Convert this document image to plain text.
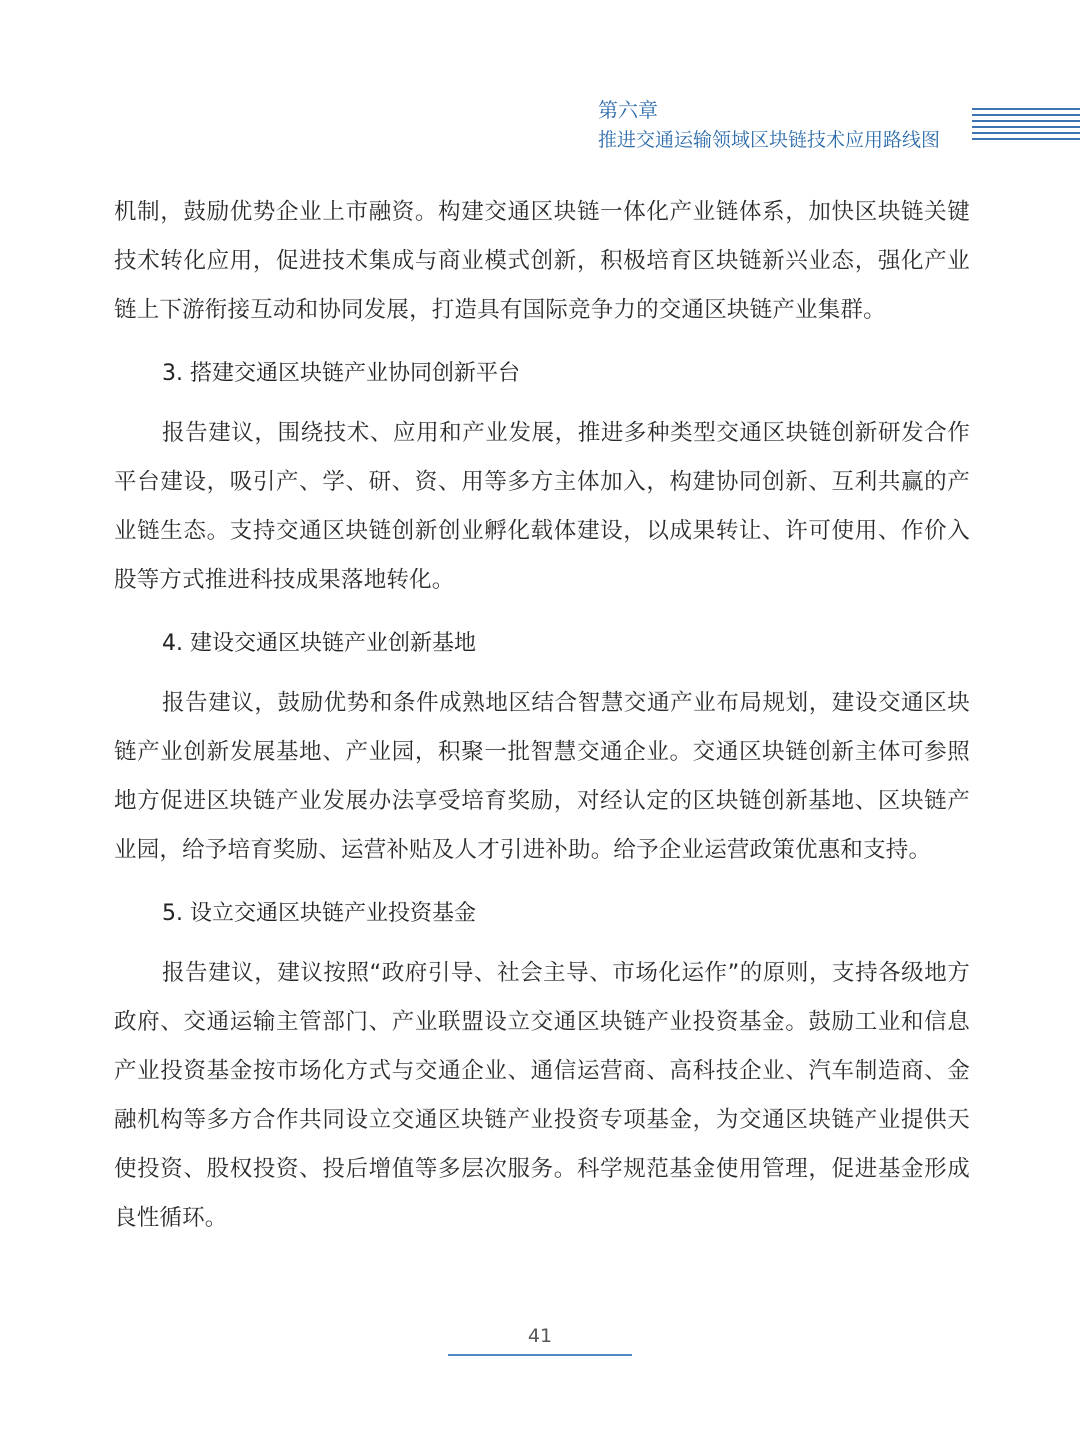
第六章
推进交通运输领域区块链技术应用路线图

机制，鼓励优势企业上市融资。构建交通区块链一体化产业链体系，加快区块链关键技术转化应用，促进技术集成与商业模式创新，积极培育区块链新兴业态，强化产业链上下游衔接互动和协同发展，打造具有国际竞争力的交通区块链产业集群。

3. 搭建交通区块链产业协同创新平台

报告建议，围绕技术、应用和产业发展，推进多种类型交通区块链创新研发合作平台建设，吸引产、学、研、资、用等多方主体加入，构建协同创新、互利共赢的产业链生态。支持交通区块链创新创业孵化载体建设，以成果转让、许可使用、作价入股等方式推进科技成果落地转化。

4. 建设交通区块链产业创新基地

报告建议，鼓励优势和条件成熟地区结合智慧交通产业布局规划，建设交通区块链产业创新发展基地、产业园，积聚一批智慧交通企业。交通区块链创新主体可参照地方促进区块链产业发展办法享受培育奖励，对经认定的区块链创新基地、区块链产业园，给予培育奖励、运营补贴及人才引进补助。给予企业运营政策优惠和支持。

5. 设立交通区块链产业投资基金

报告建议，建议按照“政府引导、社会主导、市场化运作”的原则，支持各级地方政府、交通运输主管部门、产业联盟设立交通区块链产业投资基金。鼓励工业和信息产业投资基金按市场化方式与交通企业、通信运营商、高科技企业、汽车制造商、金融机构等多方合作共同设立交通区块链产业投资专项基金，为交通区块链产业提供天使投资、股权投资、投后增值等多层次服务。科学规范基金使用管理，促进基金形成良性循环。

41
